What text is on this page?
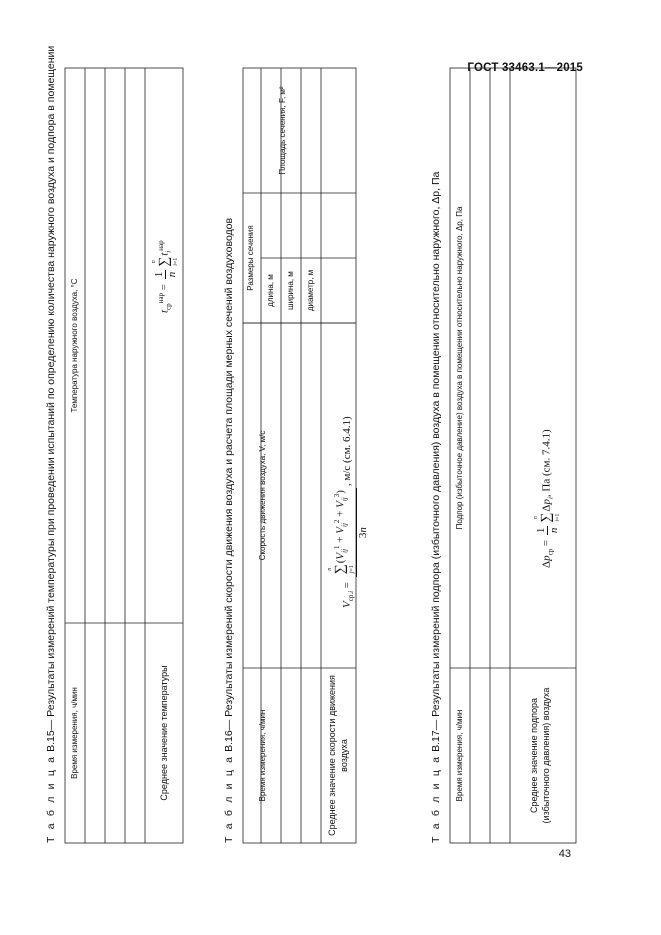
ГОСТ 33463.1—2015
43
Т а б л и ц а В.15— Результаты измерений температуры при проведении испытаний по определению количества наружного воздуха и подпора в помещении
Время измерения, ч/мин
Температура наружного воздуха, °С
Среднее значение температуры
$t_{ср}^{нар}$ =
1 n
n ∑ i=1
$t_i^{нар}$
Т а б л и ц а В.16— Результаты измерений скорости движения воздуха и расчета площади мерных сечений воздуховодов
Время измерения, ч/мин
Скорость движения воздуха, V, м/с
Размеры сечения длина, м ширина, м диаметр, м
Площадь сечения, F, м²
Среднее значение скорости движения воздуха
$V_{ср.i}$ =
n ∑ j=1
$(V_{ij}^1 + V_{ij}^2 + V_{ij}^3)$
3n
, м/с (см. 6.4.1)
Т а б л и ц а В.17— Результаты измерений подпора (избыточного давления) воздуха в помещении относительно наружного, Δp, Па
Время измерения, ч/мин
Подпор (избыточное давление) воздуха в помещении относительно наружного, Δp, Па
Среднее значение подпора (избыточного давления) воздуха
$\Delta p_{ср}$ =
1 n
n ∑ i=1
$\Delta p_i$, Па (см. 7.4.1)
